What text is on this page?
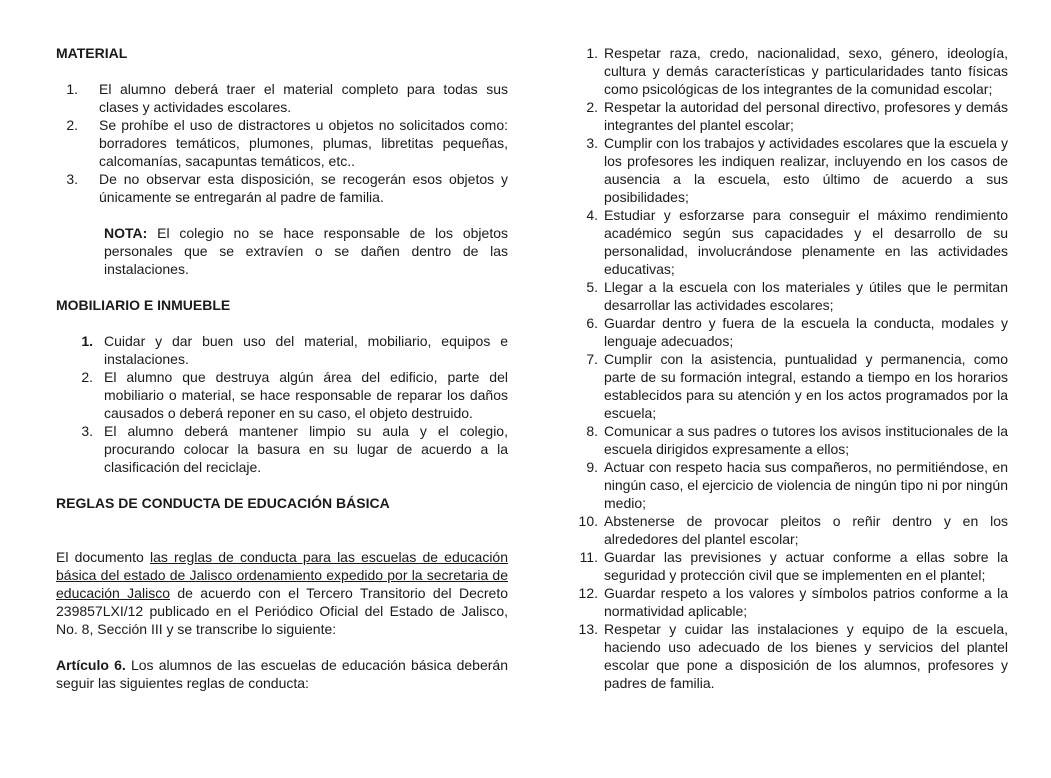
MATERIAL

1. El alumno deberá traer el material completo para todas sus clases y actividades escolares.
2. Se prohíbe el uso de distractores u objetos no solicitados como: borradores temáticos, plumones, plumas, libretitas pequeñas, calcomanías, sacapuntas temáticos, etc..
3. De no observar esta disposición, se recogerán esos objetos y únicamente se entregarán al padre de familia.

NOTA: El colegio no se hace responsable de los objetos personales que se extravíen o se dañen dentro de las instalaciones.

MOBILIARIO E INMUEBLE

1. Cuidar y dar buen uso del material, mobiliario, equipos e instalaciones.
2. El alumno que destruya algún área del edificio, parte del mobiliario o material, se hace responsable de reparar los daños causados o deberá reponer en su caso, el objeto destruido.
3. El alumno deberá mantener limpio su aula y el colegio, procurando colocar la basura en su lugar de acuerdo a la clasificación del reciclaje.

REGLAS DE CONDUCTA DE EDUCACIÓN BÁSICA

El documento las reglas de conducta para las escuelas de educación básica del estado de Jalisco ordenamiento expedido por la secretaria de educación Jalisco de acuerdo con el Tercero Transitorio del Decreto 239857LXI/12 publicado en el Periódico Oficial del Estado de Jalisco, No. 8, Sección III y se transcribe lo siguiente:

Artículo 6. Los alumnos de las escuelas de educación básica deberán seguir las siguientes reglas de conducta:

1. Respetar raza, credo, nacionalidad, sexo, género, ideología, cultura y demás características y particularidades tanto físicas como psicológicas de los integrantes de la comunidad escolar;
2. Respetar la autoridad del personal directivo, profesores y demás integrantes del plantel escolar;
3. Cumplir con los trabajos y actividades escolares que la escuela y los profesores les indiquen realizar, incluyendo en los casos de ausencia a la escuela, esto último de acuerdo a sus posibilidades;
4. Estudiar y esforzarse para conseguir el máximo rendimiento académico según sus capacidades y el desarrollo de su personalidad, involucrándose plenamente en las actividades educativas;
5. Llegar a la escuela con los materiales y útiles que le permitan desarrollar las actividades escolares;
6. Guardar dentro y fuera de la escuela la conducta, modales y lenguaje adecuados;
7. Cumplir con la asistencia, puntualidad y permanencia, como parte de su formación integral, estando a tiempo en los horarios establecidos para su atención y en los actos programados por la escuela;
8. Comunicar a sus padres o tutores los avisos institucionales de la escuela dirigidos expresamente a ellos;
9. Actuar con respeto hacia sus compañeros, no permitiéndose, en ningún caso, el ejercicio de violencia de ningún tipo ni por ningún medio;
10. Abstenerse de provocar pleitos o reñir dentro y en los alrededores del plantel escolar;
11. Guardar las previsiones y actuar conforme a ellas sobre la seguridad y protección civil que se implementen en el plantel;
12. Guardar respeto a los valores y símbolos patrios conforme a la normatividad aplicable;
13. Respetar y cuidar las instalaciones y equipo de la escuela, haciendo uso adecuado de los bienes y servicios del plantel escolar que pone a disposición de los alumnos, profesores y padres de familia.
